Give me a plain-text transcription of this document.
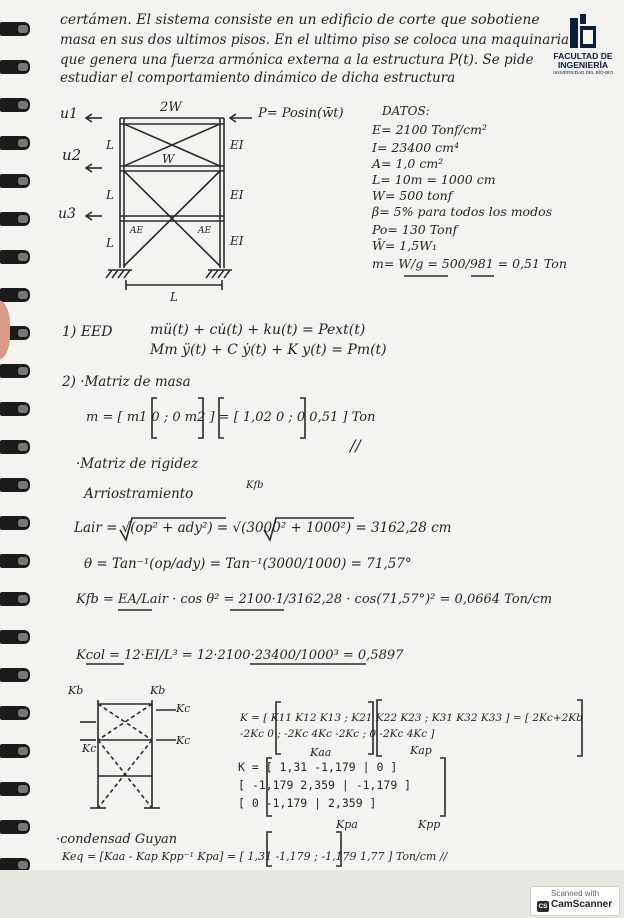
certámen. El sistema consiste en un edificio de corte que sobotiene
masa en sus dos ultimos pisos. En el ultimo piso se coloca una maquinaria
que genera una fuerza armónica externa a la estructura P(t). Se pide
estudiar el comportamiento dinámico de dicha estructura
FACULTAD DE
INGENIERÍA
UNIVERSIDAD DEL BÍO-BÍO
u1
u2
u3
2W
W
P= Posin(w̄t)
L
L
L
EI
EI
EI
AE	AE
L
DATOS:
E= 2100 Tonf/cm²
I= 23400 cm⁴
A= 1,0 cm²
L= 10m = 1000 cm
W= 500 tonf
β= 5% para todos los modos
Po= 130 Tonf
W̄= 1,5W₁
m= W/g = 500/981 = 0,51 Ton
1) EED	mü(t) + cu̇(t) + ku(t) = Pext(t)
Mm ÿ(t) + C ẏ(t) + K y(t) = Pm(t)
2) ·Matriz de masa
m = [ m1 0 ; 0 m2 ] = [ 1,02 0 ; 0 0,51 ] Ton
//
·Matriz de rigidez
Arriostramiento
Kfb
Lair = √(op² + ady²) = √(3000² + 1000²) = 3162,28 cm
θ = Tan⁻¹(op/ady) = Tan⁻¹(3000/1000) = 71,57°
Kfb = EA/Lair · cos θ² = 2100·1/3162,28 · cos(71,57°)² = 0,0664 Ton/cm
Kcol = 12·EI/L³ = 12·2100·23400/1000³ = 0,5897
Kb	Kb
Kc
Kc
Kc
K = [ K11 K12 K13 ; K21 K22 K23 ; K31 K32 K33 ] = [ 2Kc+2Kb -2Kc 0 ; -2Kc 4Kc -2Kc ; 0 -2Kc 4Kc ]
Kaa	Kap
K = [ 1,31 -1,179 | 0 ]
[ -1,179 2,359 | -1,179 ]
[ 0 -1,179 | 2,359 ]
Kpa	Kpp
·condensad Guyan
Keq = [Kaa - Kap Kpp⁻¹ Kpa] = [ 1,31 -1,179 ; -1,179 1,77 ] Ton/cm //
Scanned with
CS CamScanner
